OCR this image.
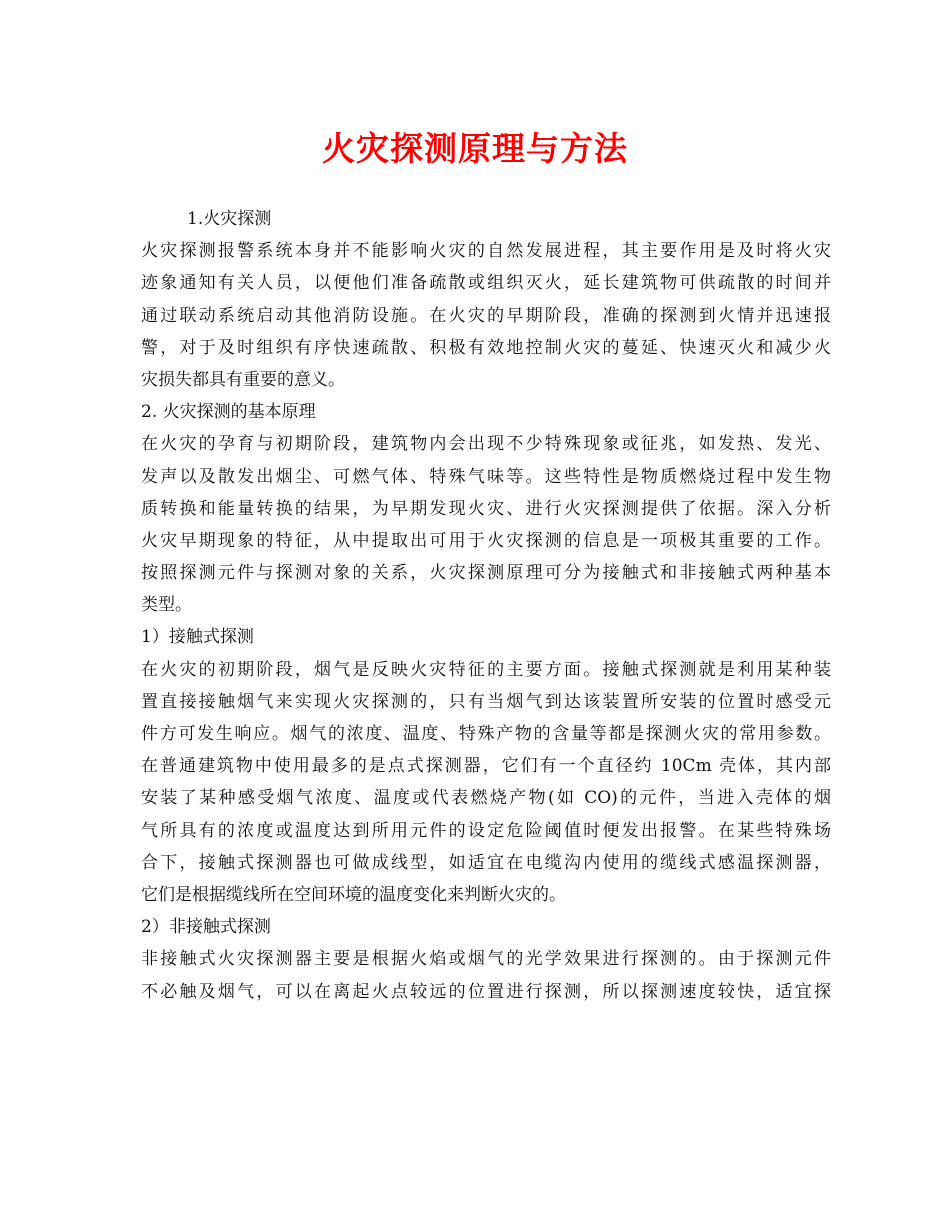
火灾探测原理与方法
1.火灾探测
火灾探测报警系统本身并不能影响火灾的自然发展进程，其主要作用是及时将火灾
迹象通知有关人员，以便他们准备疏散或组织灭火，延长建筑物可供疏散的时间并
通过联动系统启动其他消防设施。在火灾的早期阶段，准确的探测到火情并迅速报
警，对于及时组织有序快速疏散、积极有效地控制火灾的蔓延、快速灭火和减少火
灾损失都具有重要的意义。
2. 火灾探测的基本原理
在火灾的孕育与初期阶段，建筑物内会出现不少特殊现象或征兆，如发热、发光、
发声以及散发出烟尘、可燃气体、特殊气味等。这些特性是物质燃烧过程中发生物
质转换和能量转换的结果，为早期发现火灾、进行火灾探测提供了依据。深入分析
火灾早期现象的特征，从中提取出可用于火灾探测的信息是一项极其重要的工作。
按照探测元件与探测对象的关系，火灾探测原理可分为接触式和非接触式两种基本
类型。
1）接触式探测
在火灾的初期阶段，烟气是反映火灾特征的主要方面。接触式探测就是利用某种装
置直接接触烟气来实现火灾探测的，只有当烟气到达该装置所安装的位置时感受元
件方可发生响应。烟气的浓度、温度、特殊产物的含量等都是探测火灾的常用参数。
在普通建筑物中使用最多的是点式探测器，它们有一个直径约 10Cm 壳体，其内部
安装了某种感受烟气浓度、温度或代表燃烧产物(如 CO)的元件，当进入壳体的烟
气所具有的浓度或温度达到所用元件的设定危险阈值时便发出报警。在某些特殊场
合下，接触式探测器也可做成线型，如适宜在电缆沟内使用的缆线式感温探测器，
它们是根据缆线所在空间环境的温度变化来判断火灾的。
2）非接触式探测
非接触式火灾探测器主要是根据火焰或烟气的光学效果进行探测的。由于探测元件
不必触及烟气，可以在离起火点较远的位置进行探测，所以探测速度较快，适宜探
